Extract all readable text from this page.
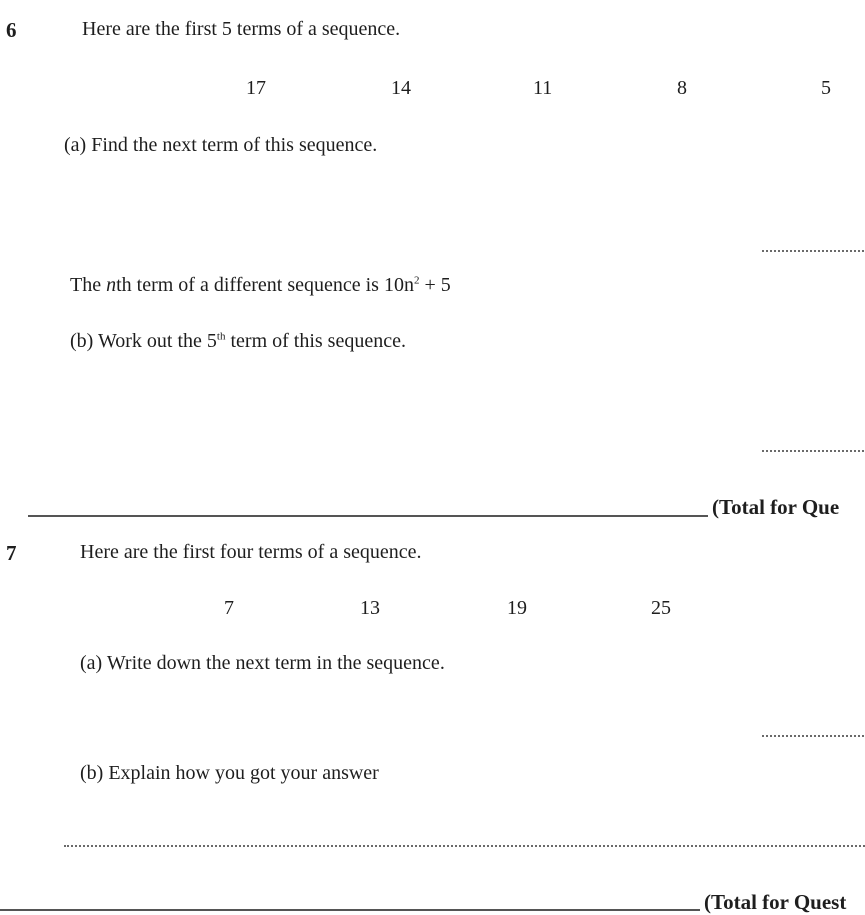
6	Here are the first 5 terms of a sequence.
17	14	11	8	5
(a) Find the next term of this sequence.
The nth term of a different sequence is $10n^2 + 5$
(b) Work out the 5th term of this sequence.
(Total for Que
7	Here are the first four terms of a sequence.
7	13	19	25
(a) Write down the next term in the sequence.
(b) Explain how you got your answer
(Total for Quest
